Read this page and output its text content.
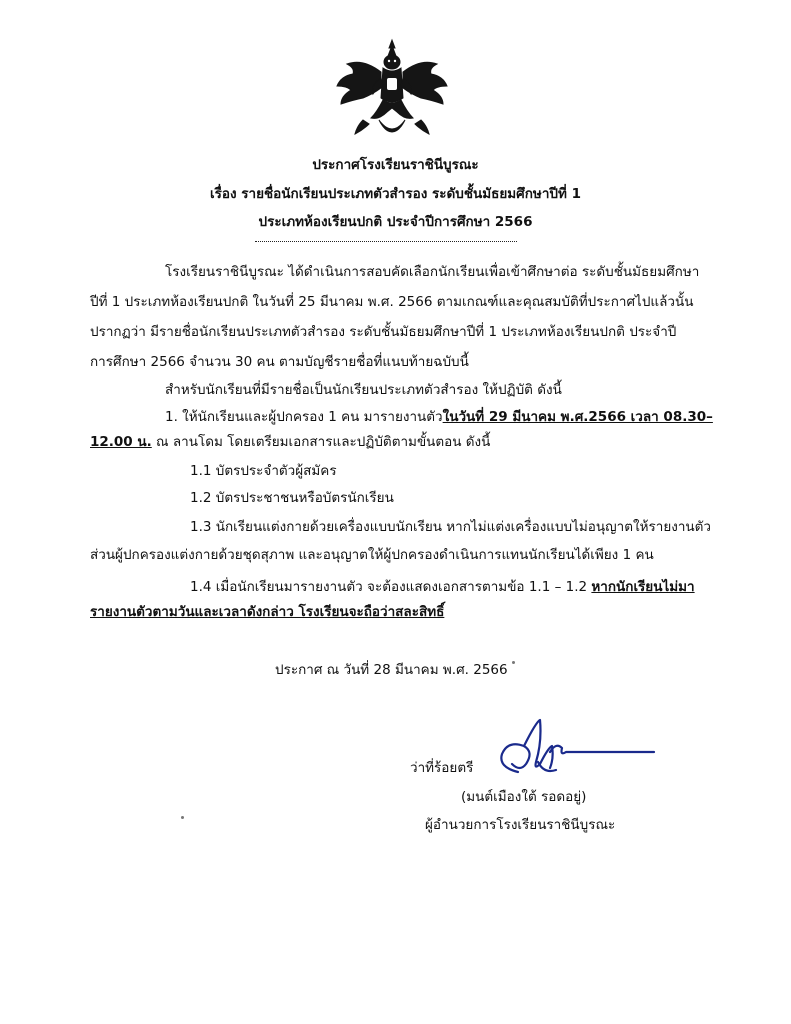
ประกาศโรงเรียนราชินีบูรณะ
เรื่อง รายชื่อนักเรียนประเภทตัวสำรอง ระดับชั้นมัธยมศึกษาปีที่ 1
ประเภทห้องเรียนปกติ ประจำปีการศึกษา 2566
โรงเรียนราชินีบูรณะ ได้ดำเนินการสอบคัดเลือกนักเรียนเพื่อเข้าศึกษาต่อ ระดับชั้นมัธยมศึกษา
ปีที่ 1 ประเภทห้องเรียนปกติ ในวันที่ 25 มีนาคม พ.ศ. 2566 ตามเกณฑ์และคุณสมบัติที่ประกาศไปแล้วนั้น
ปรากฏว่า มีรายชื่อนักเรียนประเภทตัวสำรอง ระดับชั้นมัธยมศึกษาปีที่ 1 ประเภทห้องเรียนปกติ ประจำปี
การศึกษา 2566 จำนวน 30 คน ตามบัญชีรายชื่อที่แนบท้ายฉบับนี้
สำหรับนักเรียนที่มีรายชื่อเป็นนักเรียนประเภทตัวสำรอง ให้ปฏิบัติ ดังนี้
1. ให้นักเรียนและผู้ปกครอง 1 คน มารายงานตัวในวันที่ 29 มีนาคม พ.ศ.2566 เวลา 08.30–
12.00 น. ณ ลานโดม โดยเตรียมเอกสารและปฏิบัติตามขั้นตอน ดังนี้
1.1 บัตรประจำตัวผู้สมัคร
1.2 บัตรประชาชนหรือบัตรนักเรียน
1.3 นักเรียนแต่งกายด้วยเครื่องแบบนักเรียน หากไม่แต่งเครื่องแบบไม่อนุญาตให้รายงานตัว
ส่วนผู้ปกครองแต่งกายด้วยชุดสุภาพ และอนุญาตให้ผู้ปกครองดำเนินการแทนนักเรียนได้เพียง 1 คน
1.4 เมื่อนักเรียนมารายงานตัว จะต้องแสดงเอกสารตามข้อ 1.1 – 1.2 หากนักเรียนไม่มา
รายงานตัวตามวันและเวลาดังกล่าว โรงเรียนจะถือว่าสละสิทธิ์
ประกาศ ณ วันที่ 28 มีนาคม พ.ศ. 2566
ว่าที่ร้อยตรี
(มนต์เมืองใต้ รอดอยู่)
ผู้อำนวยการโรงเรียนราชินีบูรณะ
